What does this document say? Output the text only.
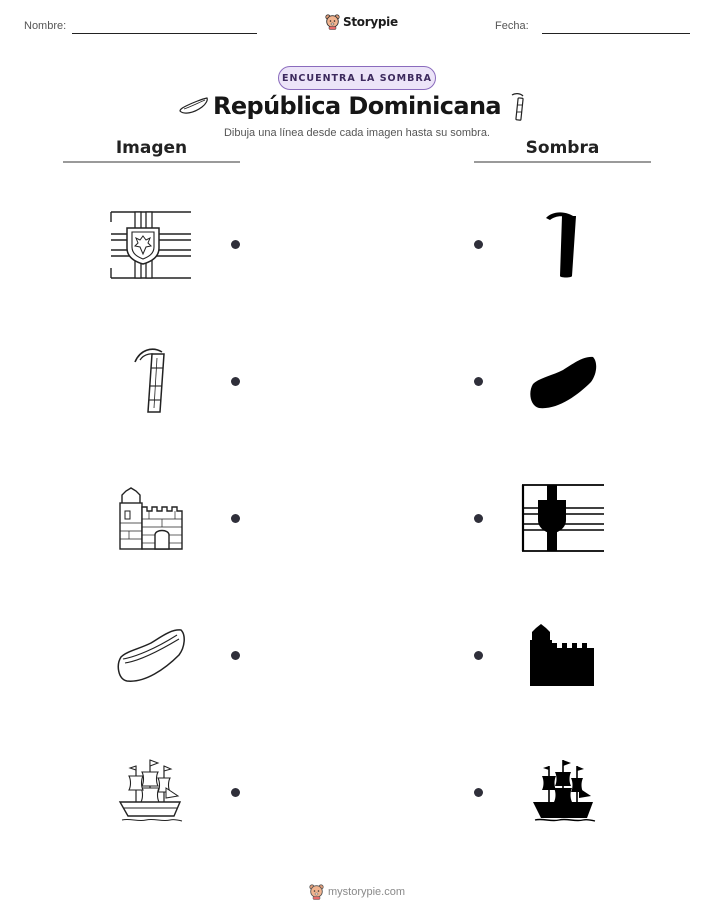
Nombre:	Storypie	Fecha:
ENCUENTRA LA SOMBRA
República Dominicana
Dibuja una línea desde cada imagen hasta su sombra.
Imagen	Sombra
mystorypie.com
